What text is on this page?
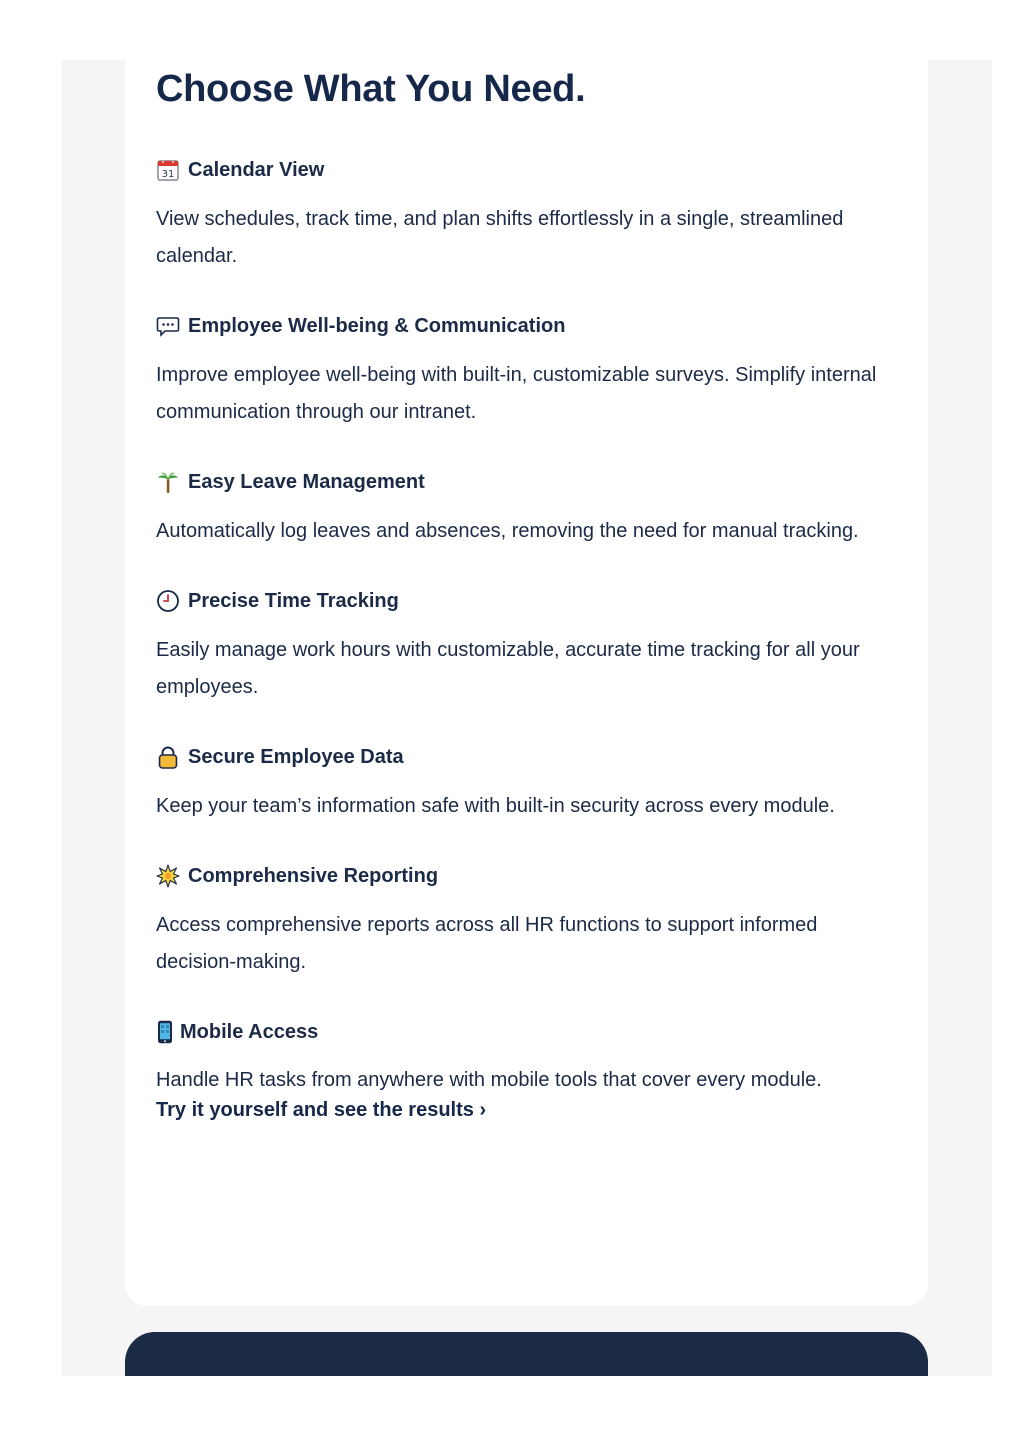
Choose What You Need.
31 Calendar View

View schedules, track time, and plan shifts effortlessly in a single, streamlined calendar.

Employee Well-being & Communication

Improve employee well-being with built-in, customizable surveys. Simplify internal communication through our intranet.

Easy Leave Management

Automatically log leaves and absences, removing the need for manual tracking.

Precise Time Tracking

Easily manage work hours with customizable, accurate time tracking for all your employees.

Secure Employee Data

Keep your team’s information safe with built-in security across every module.

Comprehensive Reporting

Access comprehensive reports across all HR functions to support informed decision-making.

Mobile Access

Handle HR tasks from anywhere with mobile tools that cover every module.

Try it yourself and see the results ›
